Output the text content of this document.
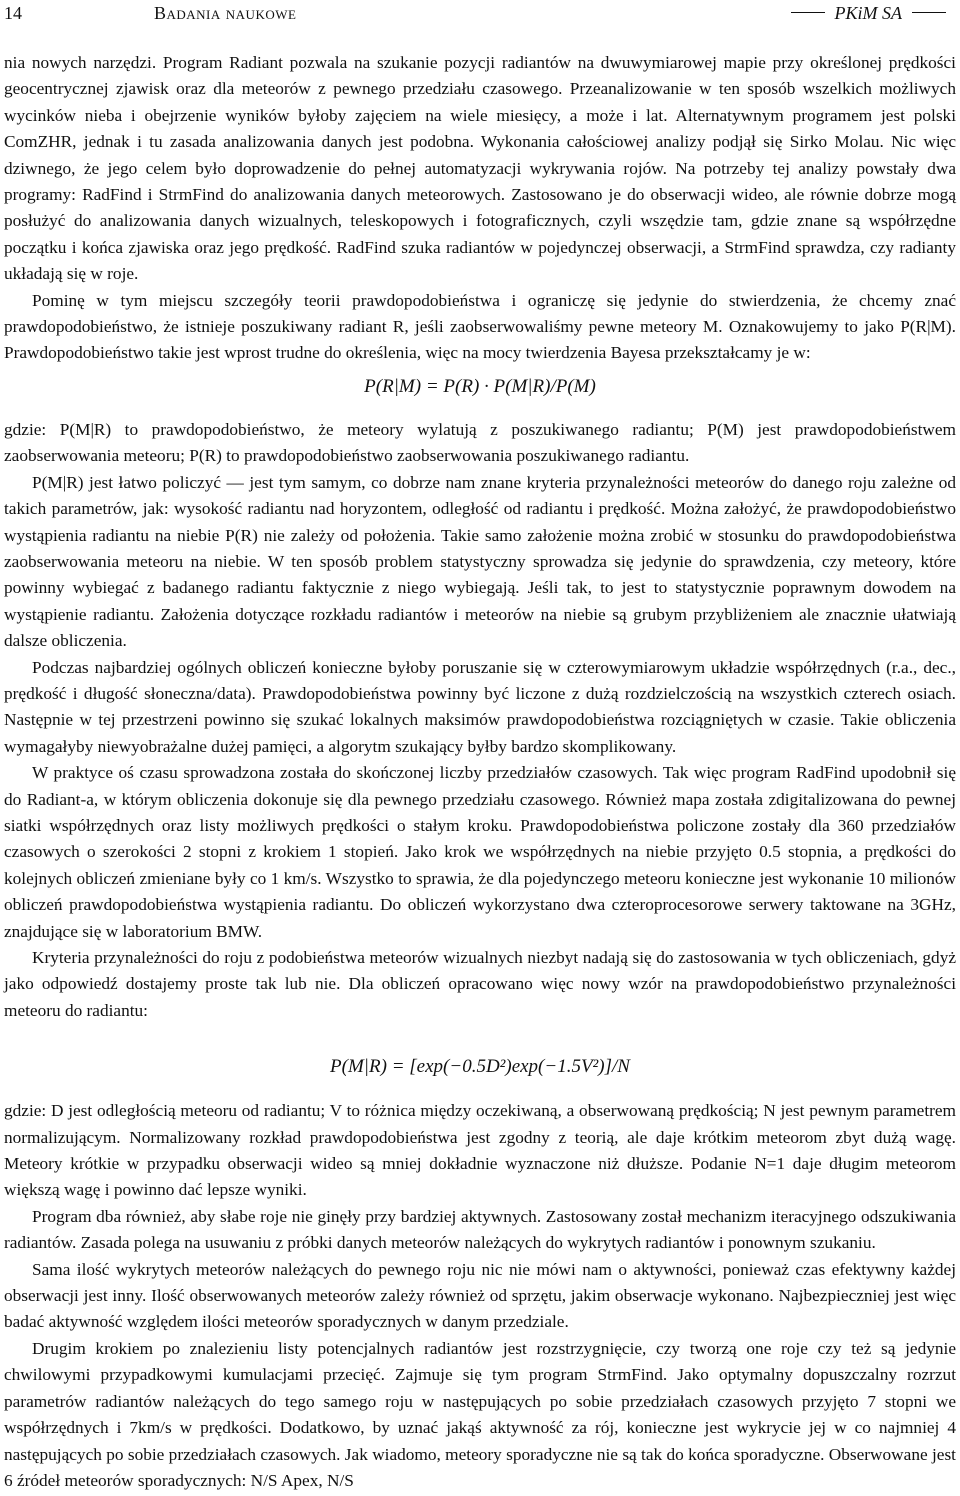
14	Badania naukowe	PKiM SA

nia nowych narzędzi. Program Radiant pozwala na szukanie pozycji radiantów na dwuwymiarowej mapie przy określonej prędkości geocentrycznej zjawisk oraz dla meteorów z pewnego przedziału czasowego. Przeanalizowanie w ten sposób wszelkich możliwych wycinków nieba i obejrzenie wyników byłoby zajęciem na wiele miesięcy, a może i lat. Alternatywnym programem jest polski ComZHR, jednak i tu zasada analizowania danych jest podobna. Wykonania całościowej analizy podjął się Sirko Molau. Nic więc dziwnego, że jego celem było doprowadzenie do pełnej automatyzacji wykrywania rojów. Na potrzeby tej analizy powstały dwa programy: RadFind i StrmFind do analizowania danych meteorowych. Zastosowano je do obserwacji wideo, ale równie dobrze mogą posłużyć do analizowania danych wizualnych, teleskopowych i fotograficznych, czyli wszędzie tam, gdzie znane są współrzędne początku i końca zjawiska oraz jego prędkość. RadFind szuka radiantów w pojedynczej obserwacji, a StrmFind sprawdza, czy radianty układają się w roje.

Pominę w tym miejscu szczegóły teorii prawdopodobieństwa i ograniczę się jedynie do stwierdzenia, że chcemy znać prawdopodobieństwo, że istnieje poszukiwany radiant R, jeśli zaobserwowaliśmy pewne meteory M. Oznakowujemy to jako P(R|M). Prawdopodobieństwo takie jest wprost trudne do określenia, więc na mocy twierdzenia Bayesa przekształcamy je w:

P(R|M) = P(R) · P(M|R)/P(M)

gdzie: P(M|R) to prawdopodobieństwo, że meteory wylatują z poszukiwanego radiantu; P(M) jest prawdopodobieństwem zaobserwowania meteoru; P(R) to prawdopodobieństwo zaobserwowania poszukiwanego radiantu.

P(M|R) jest łatwo policzyć — jest tym samym, co dobrze nam znane kryteria przynależności meteorów do danego roju zależne od takich parametrów, jak: wysokość radiantu nad horyzontem, odległość od radiantu i prędkość. Można założyć, że prawdopodobieństwo wystąpienia radiantu na niebie P(R) nie zależy od położenia. Takie samo założenie można zrobić w stosunku do prawdopodobieństwa zaobserwowania meteoru na niebie. W ten sposób problem statystyczny sprowadza się jedynie do sprawdzenia, czy meteory, które powinny wybiegać z badanego radiantu faktycznie z niego wybiegają. Jeśli tak, to jest to statystycznie poprawnym dowodem na wystąpienie radiantu. Założenia dotyczące rozkładu radiantów i meteorów na niebie są grubym przybliżeniem ale znacznie ułatwiają dalsze obliczenia.

Podczas najbardziej ogólnych obliczeń konieczne byłoby poruszanie się w czterowymiarowym układzie współrzędnych (r.a., dec., prędkość i długość słoneczna/data). Prawdopodobieństwa powinny być liczone z dużą rozdzielczością na wszystkich czterech osiach. Następnie w tej przestrzeni powinno się szukać lokalnych maksimów prawdopodobieństwa rozciągniętych w czasie. Takie obliczenia wymagałyby niewyobrażalne dużej pamięci, a algorytm szukający byłby bardzo skomplikowany.

W praktyce oś czasu sprowadzona została do skończonej liczby przedziałów czasowych. Tak więc program RadFind upodobnił się do Radiant-a, w którym obliczenia dokonuje się dla pewnego przedziału czasowego. Również mapa została zdigitalizowana do pewnej siatki współrzędnych oraz listy możliwych prędkości o stałym kroku. Prawdopodobieństwa policzone zostały dla 360 przedziałów czasowych o szerokości 2 stopni z krokiem 1 stopień. Jako krok we współrzędnych na niebie przyjęto 0.5 stopnia, a prędkości do kolejnych obliczeń zmieniane były co 1 km/s. Wszystko to sprawia, że dla pojedynczego meteoru konieczne jest wykonanie 10 milionów obliczeń prawdopodobieństwa wystąpienia radiantu. Do obliczeń wykorzystano dwa czteroprocesorowe serwery taktowane na 3GHz, znajdujące się w laboratorium BMW.

Kryteria przynależności do roju z podobieństwa meteorów wizualnych niezbyt nadają się do zastosowania w tych obliczeniach, gdyż jako odpowiedź dostajemy proste tak lub nie. Dla obliczeń opracowano więc nowy wzór na prawdopodobieństwo przynależności meteoru do radiantu:

P(M|R) = [exp(−0.5D²)exp(−1.5V²)]/N

gdzie: D jest odległością meteoru od radiantu; V to różnica między oczekiwaną, a obserwowaną prędkością; N jest pewnym parametrem normalizującym. Normalizowany rozkład prawdopodobieństwa jest zgodny z teorią, ale daje krótkim meteorom zbyt dużą wagę. Meteory krótkie w przypadku obserwacji wideo są mniej dokładnie wyznaczone niż dłuższe. Podanie N=1 daje długim meteorom większą wagę i powinno dać lepsze wyniki.

Program dba również, aby słabe roje nie ginęły przy bardziej aktywnych. Zastosowany został mechanizm iteracyjnego odszukiwania radiantów. Zasada polega na usuwaniu z próbki danych meteorów należących do wykrytych radiantów i ponownym szukaniu.

Sama ilość wykrytych meteorów należących do pewnego roju nic nie mówi nam o aktywności, ponieważ czas efektywny każdej obserwacji jest inny. Ilość obserwowanych meteorów zależy również od sprzętu, jakim obserwacje wykonano. Najbezpieczniej jest więc badać aktywność względem ilości meteorów sporadycznych w danym przedziale.

Drugim krokiem po znalezieniu listy potencjalnych radiantów jest rozstrzygnięcie, czy tworzą one roje czy też są jedynie chwilowymi przypadkowymi kumulacjami przecięć. Zajmuje się tym program StrmFind. Jako optymalny dopuszczalny rozrzut parametrów radiantów należących do tego samego roju w następujących po sobie przedziałach czasowych przyjęto 7 stopni we współrzędnych i 7km/s w prędkości. Dodatkowo, by uznać jakąś aktywność za rój, konieczne jest wykrycie jej w co najmniej 4 następujących po sobie przedziałach czasowych. Jak wiadomo, meteory sporadyczne nie są tak do końca sporadyczne. Obserwowane jest 6 źródeł meteorów sporadycznych: N/S Apex, N/S
